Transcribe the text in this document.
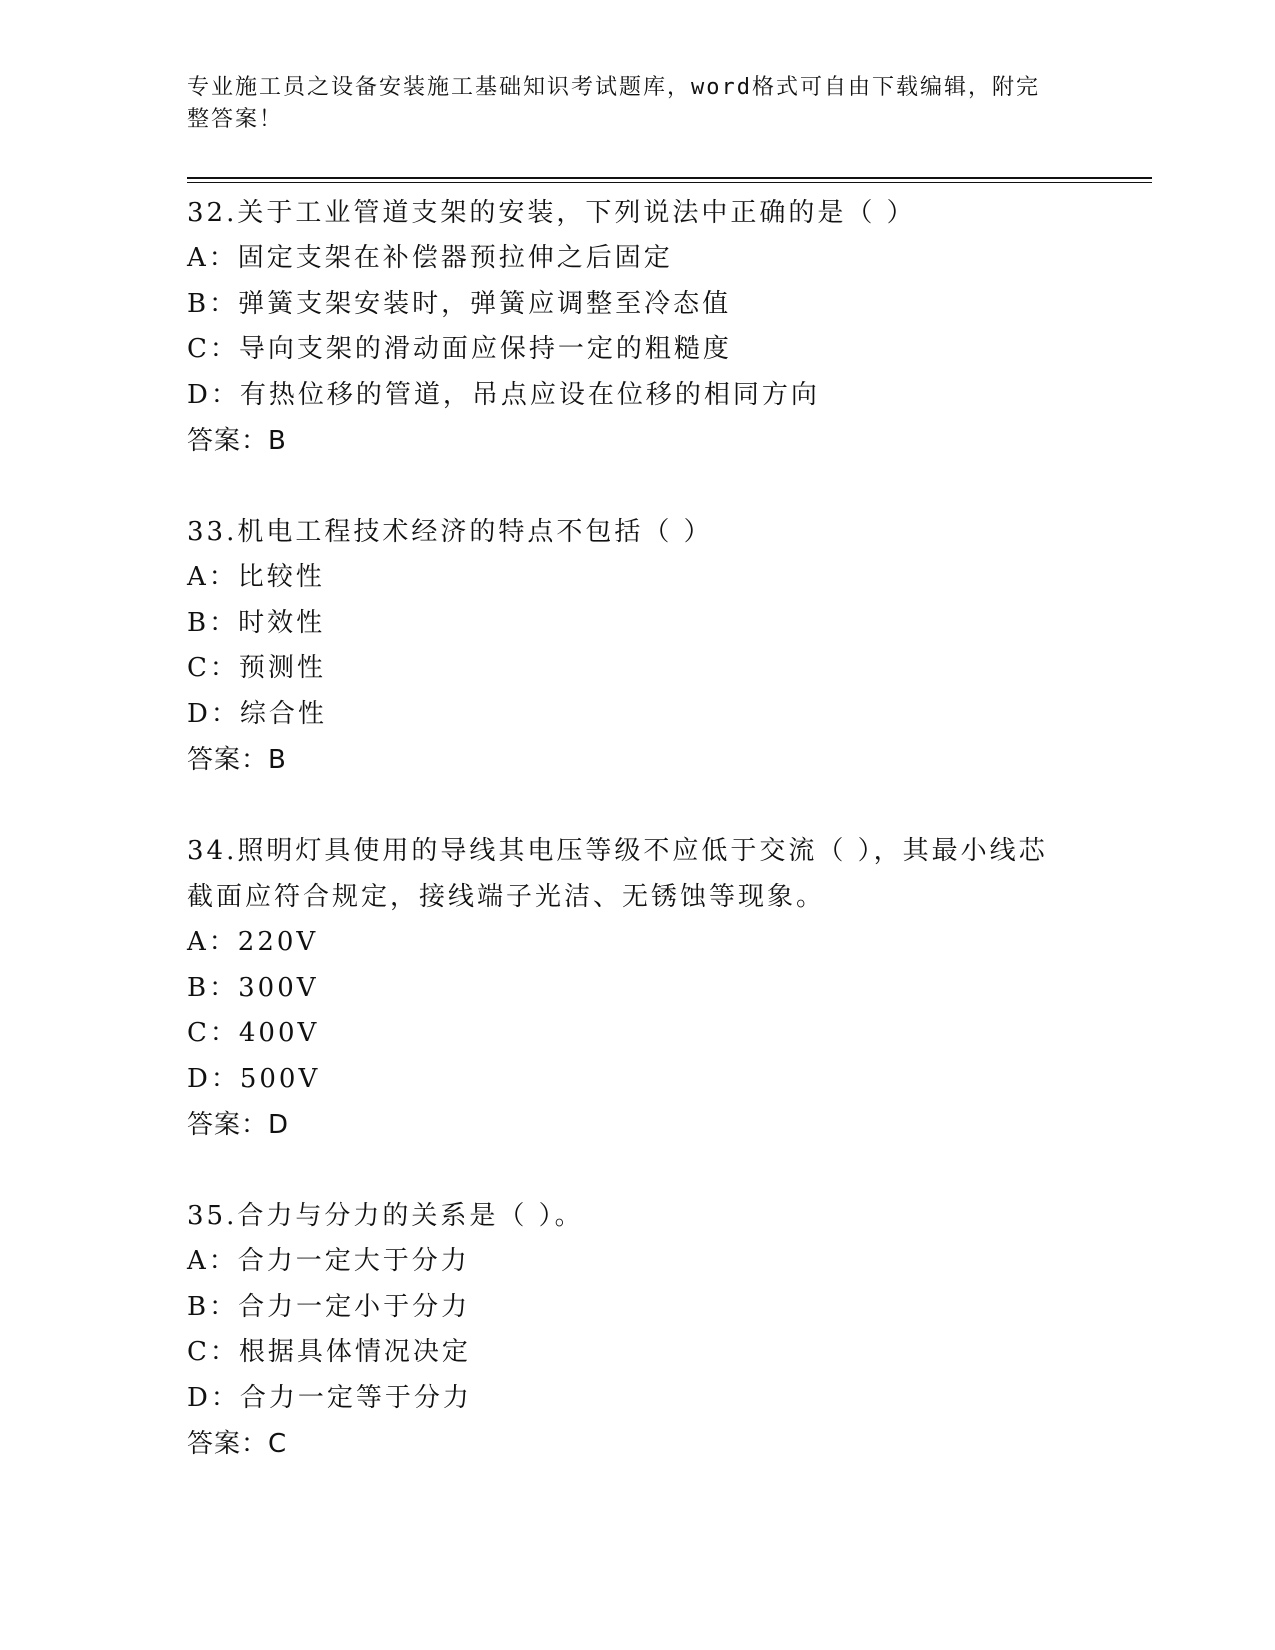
专业施工员之设备安装施工基础知识考试题库，word格式可自由下载编辑，附完
整答案！
32.关于工业管道支架的安装，下列说法中正确的是（ ）
A：固定支架在补偿器预拉伸之后固定
B：弹簧支架安装时，弹簧应调整至冷态值
C：导向支架的滑动面应保持一定的粗糙度
D：有热位移的管道，吊点应设在位移的相同方向
答案：B
33.机电工程技术经济的特点不包括（ ）
A：比较性
B：时效性
C：预测性
D：综合性
答案：B
34.照明灯具使用的导线其电压等级不应低于交流（ ），其最小线芯
截面应符合规定，接线端子光洁、无锈蚀等现象。
A：220V
B：300V
C：400V
D：500V
答案：D
35.合力与分力的关系是（ ）。
A：合力一定大于分力
B：合力一定小于分力
C：根据具体情况决定
D：合力一定等于分力
答案：C
